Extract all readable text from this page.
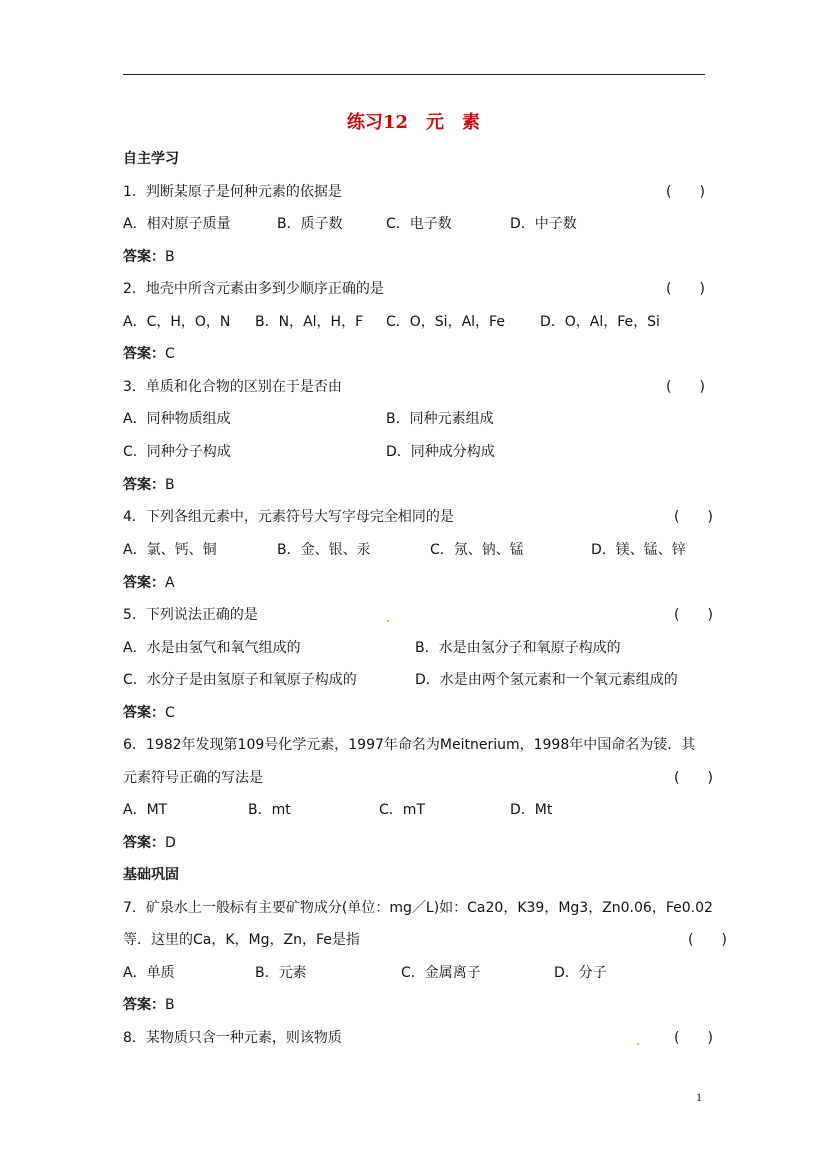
练习12　元　素
自主学习
1．判断某原子是何种元素的依据是	(　　)
A．相对原子质量	B．质子数	C．电子数	D．中子数
答案：B
2．地壳中所含元素由多到少顺序正确的是	(　　)
A．C，H，O，N B．N，Al，H，F C．O，Si，Al，Fe	D．O，Al，Fe，Si
答案：C
3．单质和化合物的区别在于是否由	(　　)
A．同种物质组成	B．同种元素组成
C．同种分子构成	D．同种成分构成
答案：B
4．下列各组元素中，元素符号大写字母完全相同的是	(　　)
A．氯、钙、铜	B．金、银、汞	C．氖、钠、锰	D．镁、锰、锌
答案：A
5．下列说法正确的是	(　　)
A．水是由氢气和氧气组成的	B．水是由氢分子和氧原子构成的
C．水分子是由氢原子和氧原子构成的	D．水是由两个氢元素和一个氧元素组成的
答案：C
6．1982年发现第109号化学元素，1997年命名为Meitnerium，1998年中国命名为鿏．其
元素符号正确的写法是	(　　)
A．MT	B．mt	C．mT	D．Mt
答案：D
基础巩固
7．矿泉水上一般标有主要矿物成分(单位：mg／L)如：Ca20，K39，Mg3，Zn0.06，Fe0.02
等．这里的Ca，K，Mg，Zn，Fe是指	(　　)
A．单质	B．元素	C．金属离子	D．分子
答案：B
8．某物质只含一种元素，则该物质	(　　)
1
